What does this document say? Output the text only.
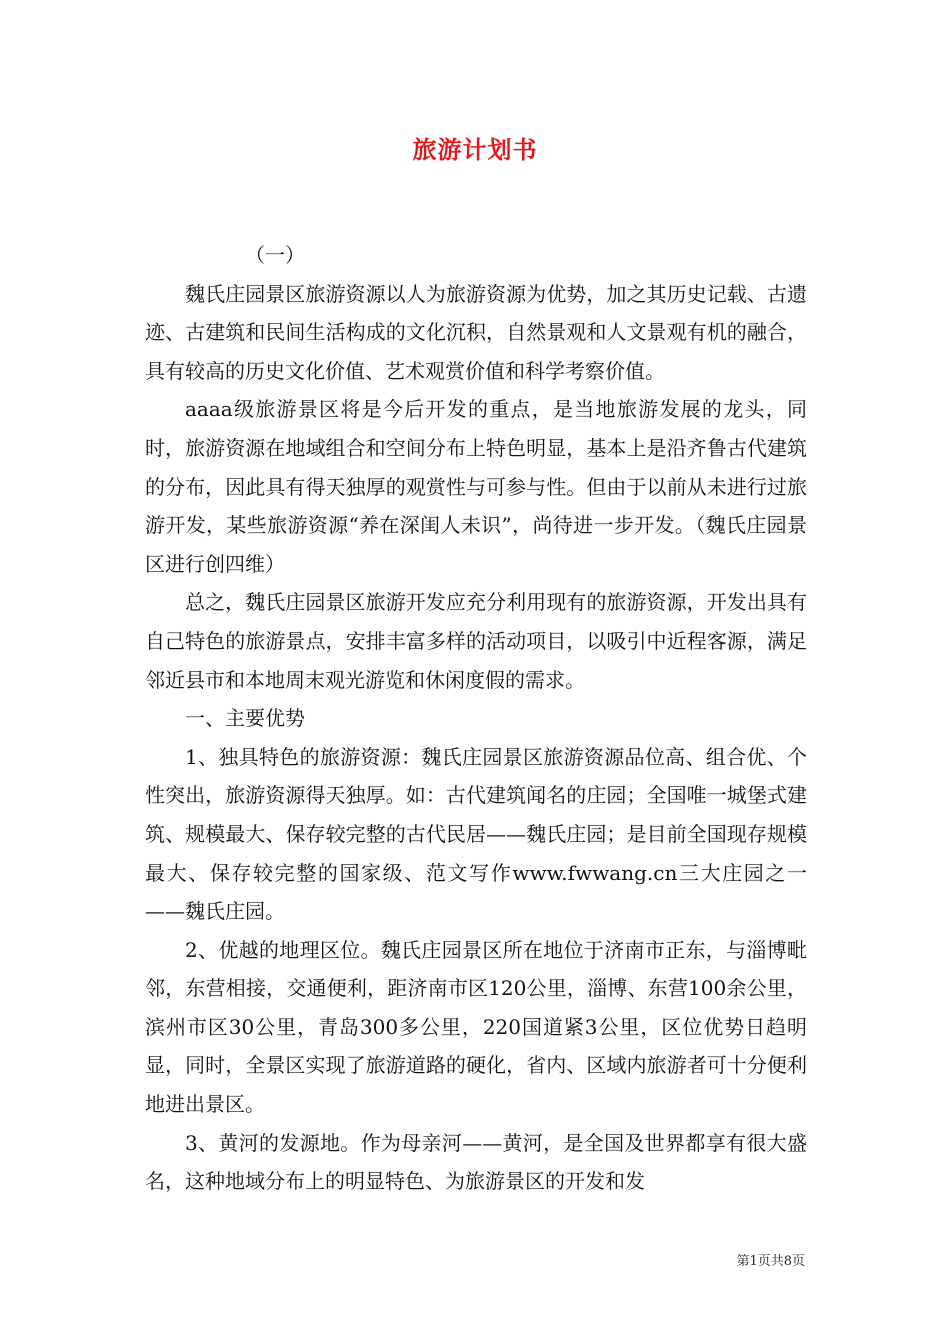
旅游计划书

（一）

魏氏庄园景区旅游资源以人为旅游资源为优势，加之其历史记载、古遗迹、古建筑和民间生活构成的文化沉积，自然景观和人文景观有机的融合，具有较高的历史文化价值、艺术观赏价值和科学考察价值。

aaaa级旅游景区将是今后开发的重点，是当地旅游发展的龙头，同时，旅游资源在地域组合和空间分布上特色明显，基本上是沿齐鲁古代建筑的分布，因此具有得天独厚的观赏性与可参与性。但由于以前从未进行过旅游开发，某些旅游资源“养在深闺人未识”，尚待进一步开发。（魏氏庄园景区进行创四维）

总之，魏氏庄园景区旅游开发应充分利用现有的旅游资源，开发出具有自己特色的旅游景点，安排丰富多样的活动项目，以吸引中近程客源，满足邻近县市和本地周末观光游览和休闲度假的需求。

一、主要优势

1、独具特色的旅游资源：魏氏庄园景区旅游资源品位高、组合优、个性突出，旅游资源得天独厚。如：古代建筑闻名的庄园；全国唯一城堡式建筑、规模最大、保存较完整的古代民居——魏氏庄园；是目前全国现存规模最大、保存较完整的国家级、范文写作www.fwwang.cn三大庄园之一——魏氏庄园。

2、优越的地理区位。魏氏庄园景区所在地位于济南市正东，与淄博毗邻，东营相接，交通便利，距济南市区120公里，淄博、东营100余公里，滨州市区30公里，青岛300多公里，220国道紧3公里，区位优势日趋明显，同时，全景区实现了旅游道路的硬化，省内、区域内旅游者可十分便利地进出景区。

3、黄河的发源地。作为母亲河——黄河，是全国及世界都享有很大盛名，这种地域分布上的明显特色、为旅游景区的开发和发

第1页共8页
